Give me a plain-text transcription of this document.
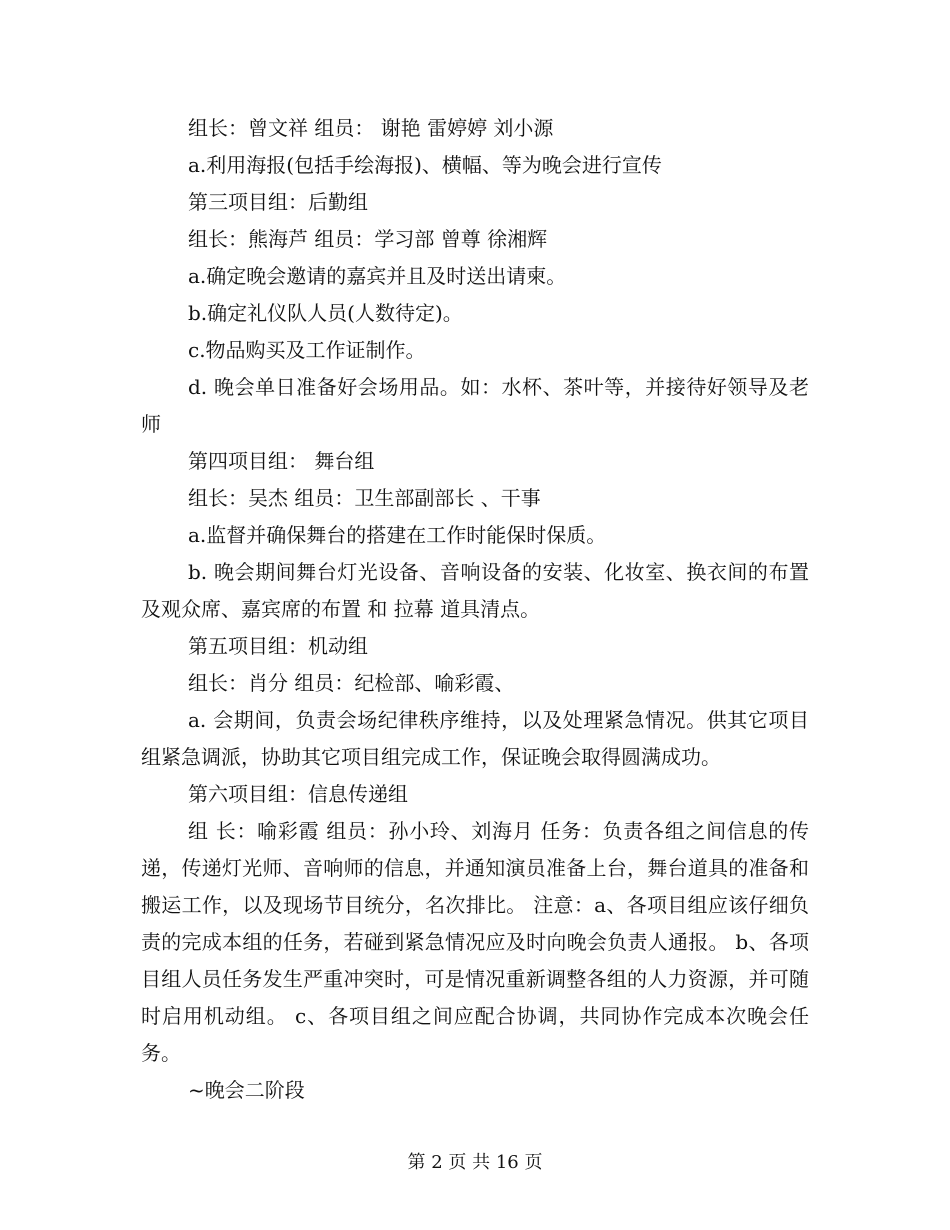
组长：曾文祥 组员： 谢艳 雷婷婷 刘小源
a.利用海报(包括手绘海报)、横幅、等为晚会进行宣传
第三项目组：后勤组
组长：熊海芦 组员：学习部 曾尊 徐湘辉
a.确定晚会邀请的嘉宾并且及时送出请柬。
b.确定礼仪队人员(人数待定)。
c.物品购买及工作证制作。
d. 晚会单日准备好会场用品。如：水杯、茶叶等，并接待好领导及老师
第四项目组： 舞台组
组长：吴杰 组员：卫生部副部长 、干事
a.监督并确保舞台的搭建在工作时能保时保质。
b. 晚会期间舞台灯光设备、音响设备的安装、化妆室、换衣间的布置及观众席、嘉宾席的布置 和 拉幕 道具清点。
第五项目组：机动组
组长：肖分 组员：纪检部、喻彩霞、
a. 会期间，负责会场纪律秩序维持，以及处理紧急情况。供其它项目组紧急调派，协助其它项目组完成工作，保证晚会取得圆满成功。
第六项目组：信息传递组
组 长：喻彩霞 组员：孙小玲、刘海月 任务：负责各组之间信息的传递，传递灯光师、音响师的信息，并通知演员准备上台，舞台道具的准备和搬运工作，以及现场节目统分，名次排比。 注意：a、各项目组应该仔细负责的完成本组的任务，若碰到紧急情况应及时向晚会负责人通报。 b、各项目组人员任务发生严重冲突时，可是情况重新调整各组的人力资源，并可随时启用机动组。 c、各项目组之间应配合协调，共同协作完成本次晚会任务。
~晚会二阶段
第 2 页 共 16 页
